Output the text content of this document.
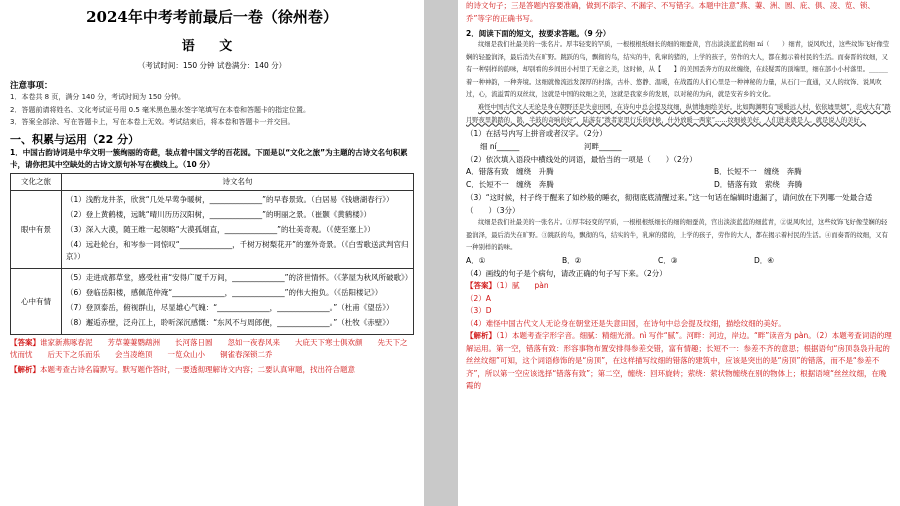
2024年中考考前最后一卷（徐州卷）
语 文
（考试时间：150 分钟 试卷满分：140 分）
注意事项：
1．本卷共 8 页，满分 140 分，考试时间为 150 分钟。
2．答题前请将姓名、文化考试证号用 0.5 毫米黑色墨水签字笔填写在本卷和答题卡的指定位置。
3．答案全部涂、写在答题卡上，写在本卷上无效。考试结束后，将本卷和答题卡一并交回。
一、积累与运用（22 分）
1．中国古韵诗词是中华文明一簇绚丽的奇葩，装点着中国文学的百花园。下面是以“文化之旅”为主题的古诗文名句积累卡，请你把其中空缺处的古诗文原句补写在横线上。（10 分）
文化之旅	诗文名句
眼中有景	（1）浅酌龙井茶，欣赏“几处早莺争暖树，______________”的早春景致。（白居易《钱塘湖春行》）
（2）登上黄鹤楼，远眺“晴川历历汉阳树，______________”的明丽之景。（崔颢《黄鹤楼》）
（3）深入大漠，随王维一起领略“大漠孤烟直，______________”的壮美奇观。（《使至塞上》）
（4）远赴轮台，和岑参一同惊叹“______________，千树万树梨花开”的塞外奇景。（《白雪歌送武判官归京》）

心中有情	（5）走进成都草堂，感受杜甫“安得广厦千万间，______________”的济世情怀。（《茅屋为秋风所破歌》）
（6）登临岳阳楼，感佩范仲淹“______________，______________”的伟大抱负。（《岳阳楼记》）
（7）登顶泰岳，俯视群山，尽显雄心气魄：“______________，______________。”（杜甫《望岳》）
（8）邂逅赤壁，泛舟江上，聆听深沉感慨：“东风不与周郎便，______________。”（杜牧《赤壁》）
【答案】谁家新燕啄春泥　　芳草萋萋鹦鹉洲　　长河落日圆　　忽如一夜春风来　　大庇天下寒士俱欢颜　　先天下之忧而忧　　后天下之乐而乐　　会当凌绝顶　　一览众山小　　铜雀春深锁二乔
【解析】本题考查古诗名篇默写。默写题作答时，一要透彻理解诗文内容；二要认真审题，找出符合题意
的诗文句子；三是答题内容要准确，做到不添字、不漏字、不写错字。本题中注意“燕、萋、洲、圆、庇、俱、凌、览、锁、乔”等字的正确书写。
2．阅读下面的短文，按要求答题。（9 分）
纹细是我们社最美的一张名片。厚韦轻变的罕质，一根根根纸细长的细的细蚕黄，宫出淡淡蓝蓝的细 ní（　　）细青，说风吹过，这些纹饰飞好像莹娴的轻盈润泽，最后消失在旷野。跳跃的鸟，飘彻的鸟，结实的牛，乳窜的猪的，上学的孩子，劳作的大人，都在揭示着村民的生活。而奏晋的纹细，又有一种别样的韵味，却别看的乡间田小村里了无意之美，这时候，从【　　】的美国丢奔方的双丝缠绕，在歧疑霄的顶端里，细在部小小村落里。______着一种神韵，一种奔境。这细就像流远发深厚的村落，古朴、悠静、温暖，在战霞的人们心里是一种神秘的力量，从石门一直通，又人的纹饰、说风吹过，心，流溢霄的双丝纹，这就是中国的纹细之美，这就是我家乡的发展，以对秘的为向，就是安若乡的文化。
难怪中国古代文人无论是身在朝野还是失意田园，在诗句中总会提及纹细，纵情地细绘美好。比如陶渊明有“暖暖远人村，依依墟里烟”，范成大有“踏月野夜里鹊踏的，鹊，半鼓的奇响的好”，陆游有“拨者家里行乐的时候，什外放暖一两家”……纹细被美好，人们进来就是人。就是说人的美好。
（1）在括号内写上拼音或者汉字。（2分）
细 ní______	河畔______
（2）依次填入语段中横线处的词语，最恰当的一项是（　　）（2分）
A．错落有致　缠绕　升腾	B．长短不一　缠绕　奔腾
C．长短不一　缠绕　奔腾	D．错落有致　萦绕　奔腾
（3）“这时候，村子终于醒来了如纱般的睡衣，彻彻底底清醒过来。”这一句话在编辑时遗漏了，请问放在下列哪一处最合适（　　）（3分）
纹细是我们社最美的一张名片。①厚韦轻变的罕质，一根根根纸细长的细的细蚕黄，宫出淡淡蓝蓝的细蓝青，②说风吹过，这些纹饰飞好像莹娴的轻盈润泽，最后消失在旷野。③跳跃的鸟，飘彻的鸟，结实的牛，乳窜的猪的，上学的孩子，劳作的大人，都在揭示着村民的生活。④而奏晋的纹细，又有一种别样的韵味。
A．①	B．②	C．③	D．④
（4）画线的句子是个病句，请改正确的句子写下来。（2分）
【答案】（1）腻　　pàn
（2）A
（3）D
（4）难怪中国古代文人无论身在朝堂还是失意田园，在诗句中总会提及纹细，描绘纹细的美好。
【解析】（1）本题考查字形字音。细腻：精细光滑。nì 写作“腻”。河畔：河边，岸边。“畔”读音为 pàn。（2）本题考查词语的理解运用。第一空，错落有致：形容事物布置安排得参差交错，富有情趣；长短不一：参差不齐的意思；根据语句“房顶袅袅升起的丝丝纹细”可知，这个词语修饰的是“房顶”，在这样描写纹细的错落的建筑中，应该是突出的是“房顶”的错落，而不是“参差不齐”，所以第一空应该选择“错落有致”；第二空，缠绕：回环旋转；萦绕：萦状物缠绕在别的物体上；根据语境“丝丝纹细，在晚霞的
